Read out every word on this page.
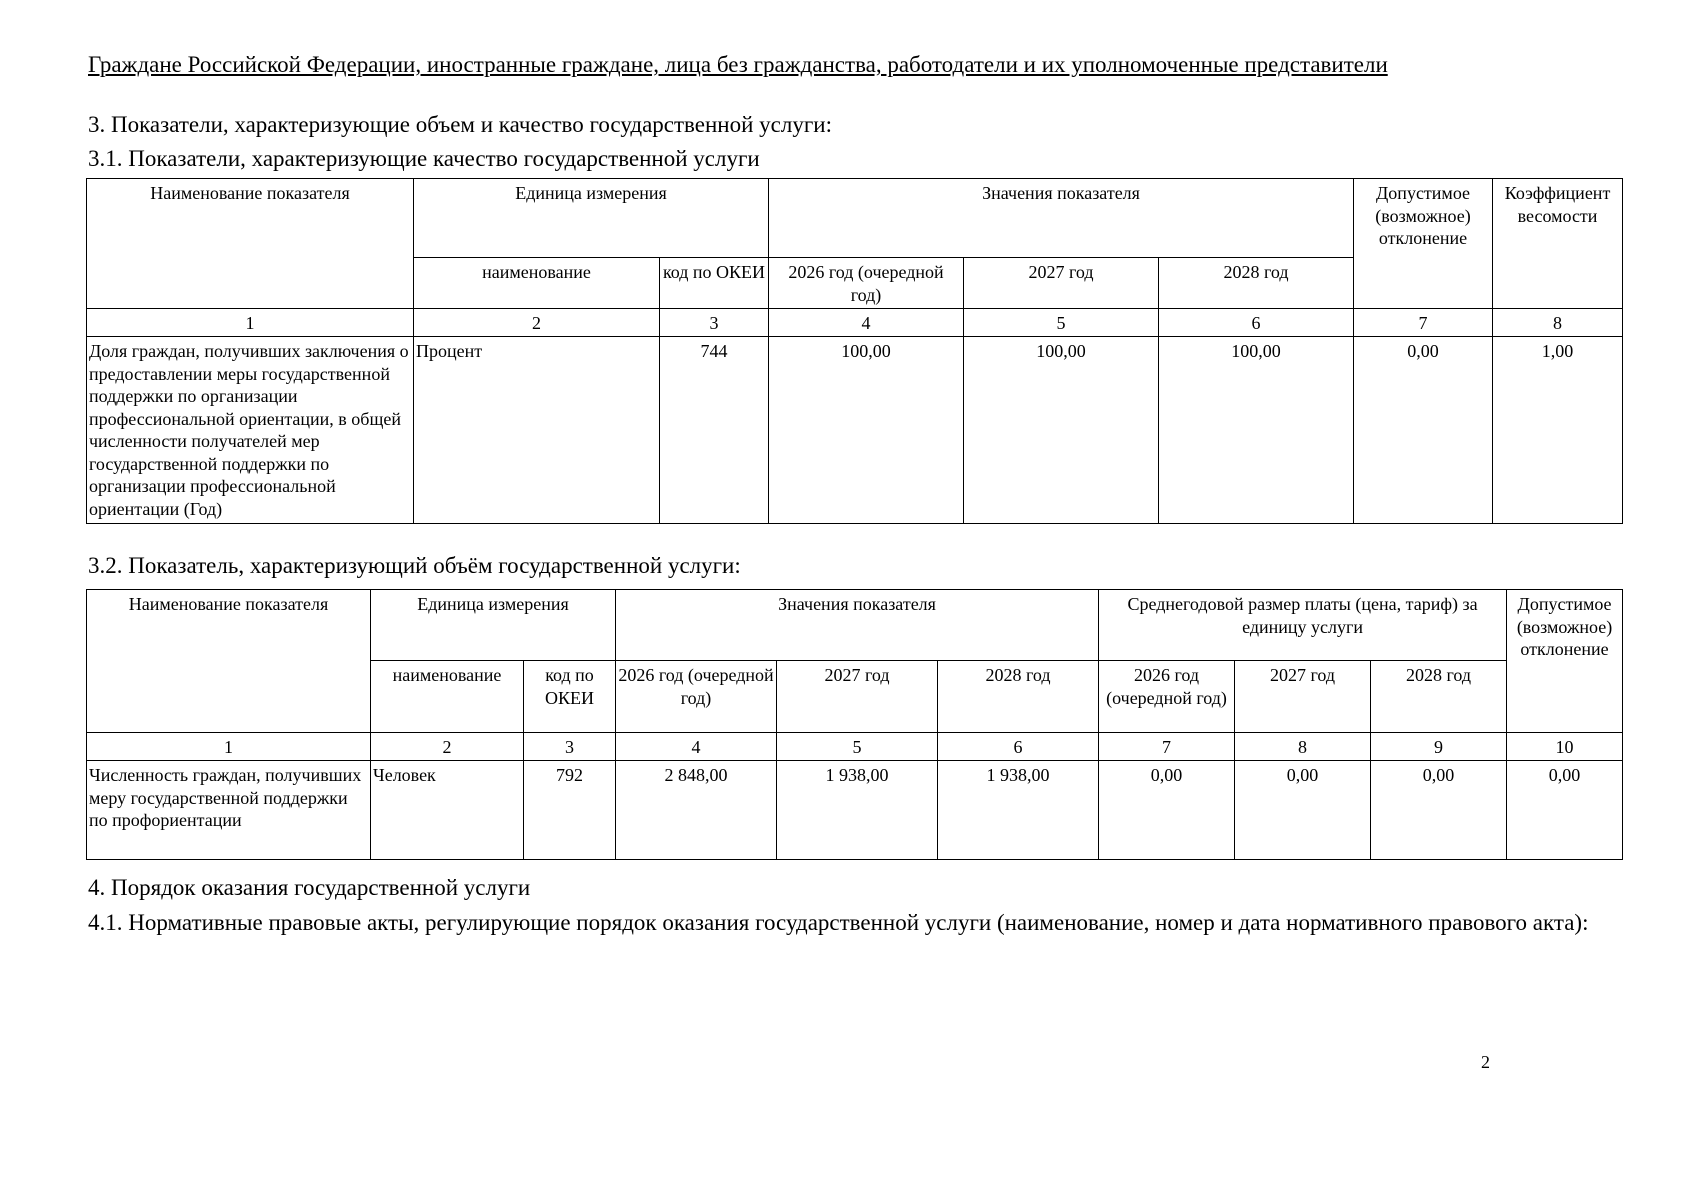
Граждане Российской Федерации, иностранные граждане, лица без гражданства, работодатели и их уполномоченные представители
3. Показатели, характеризующие объем и качество государственной услуги:
3.1. Показатели, характеризующие качество государственной услуги
Наименование показателя	Единица измерения		Значения показателя			Допустимое (возможное) отклонение	Коэффициент весомости
	наименование	код по ОКЕИ	2026 год (очередной год)	2027 год	2028 год		
1	2	3	4	5	6	7	8
Доля граждан, получивших заключения о предоставлении меры государственной поддержки по организации профессиональной ориентации, в общей численности получателей мер государственной поддержки по организации профессиональной ориентации (Год)	Процент	744	100,00	100,00	100,00	0,00	1,00
3.2. Показатель, характеризующий объём государственной услуги:
Наименование показателя	Единица измерения		Значения показателя			Среднегодовой размер платы (цена, тариф) за единицу услуги			Допустимое (возможное) отклонение
	наименование	код по ОКЕИ	2026 год (очередной год)	2027 год	2028 год	2026 год (очередной год)	2027 год	2028 год	
1	2	3	4	5	6	7	8	9	10
Численность граждан, получивших меру государственной поддержки по профориентации	Человек	792	2 848,00	1 938,00	1 938,00	0,00	0,00	0,00	0,00
4. Порядок оказания государственной услуги
4.1. Нормативные правовые акты, регулирующие порядок оказания государственной услуги (наименование, номер и дата нормативного правового акта):
2
